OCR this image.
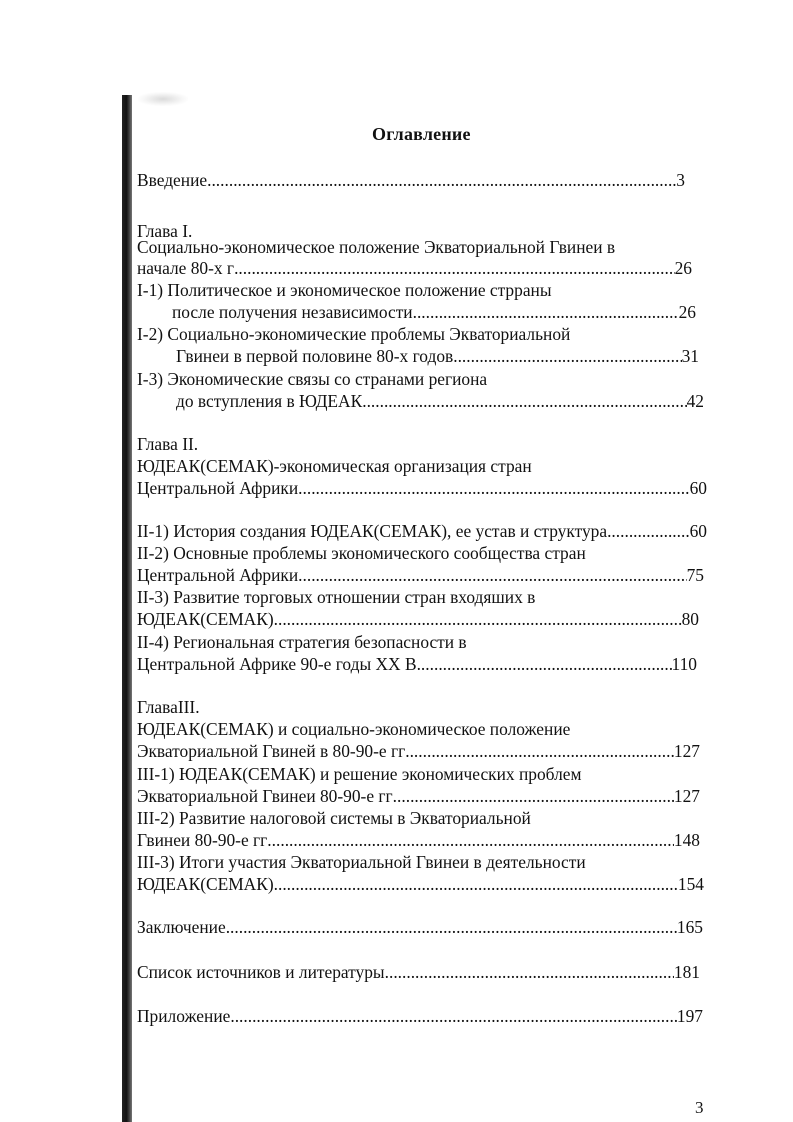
Оглавление
Введение .....	3
Глава I.
Социально-экономическое положение Экваториальной Гвинеи в
начале 80-х г .....	26
I-1) Политическое и экономическое положение стрраны
после получения независимости .....	26
I-2) Социально-экономические проблемы Экваториальной
Гвинеи в первой половине 80-х годов .....	31
I-3) Экономические связы со странами региона
до вступления в ЮДЕАК .....	42
Глава II.
ЮДЕАК(СЕМАК)-экономическая организация стран
Центральной Африки .....	60
II-1) История создания ЮДЕАК(СЕМАК), ее устав и структура .....	60
II-2) Основные проблемы экономического сообщества стран
Центральной Африки .....	75
II-3) Развитие торговых отношении стран входяших в
ЮДЕАК(СЕМАК) .....	80
II-4) Региональная стратегия безопасности в
Центральной Африке 90-е годы XX В .....	110
ГлаваIII.
ЮДЕАК(СЕМАК) и социально-экономическое положение
Экваториальной Гвиней в 80-90-е гг .....	127
III-1) ЮДЕАК(СЕМАК) и решение экономических проблем
Экваториальной Гвинеи 80-90-е гг .....	127
III-2) Развитие налоговой системы в Экваториальной
Гвинеи 80-90-е гг .....	148
III-3) Итоги участия Экваториальной Гвинеи в деятельности
ЮДЕАК(СЕМАК) .....	154
Заключение .....	165
Список источников и литературы .....	181
Приложение .....	197
3
